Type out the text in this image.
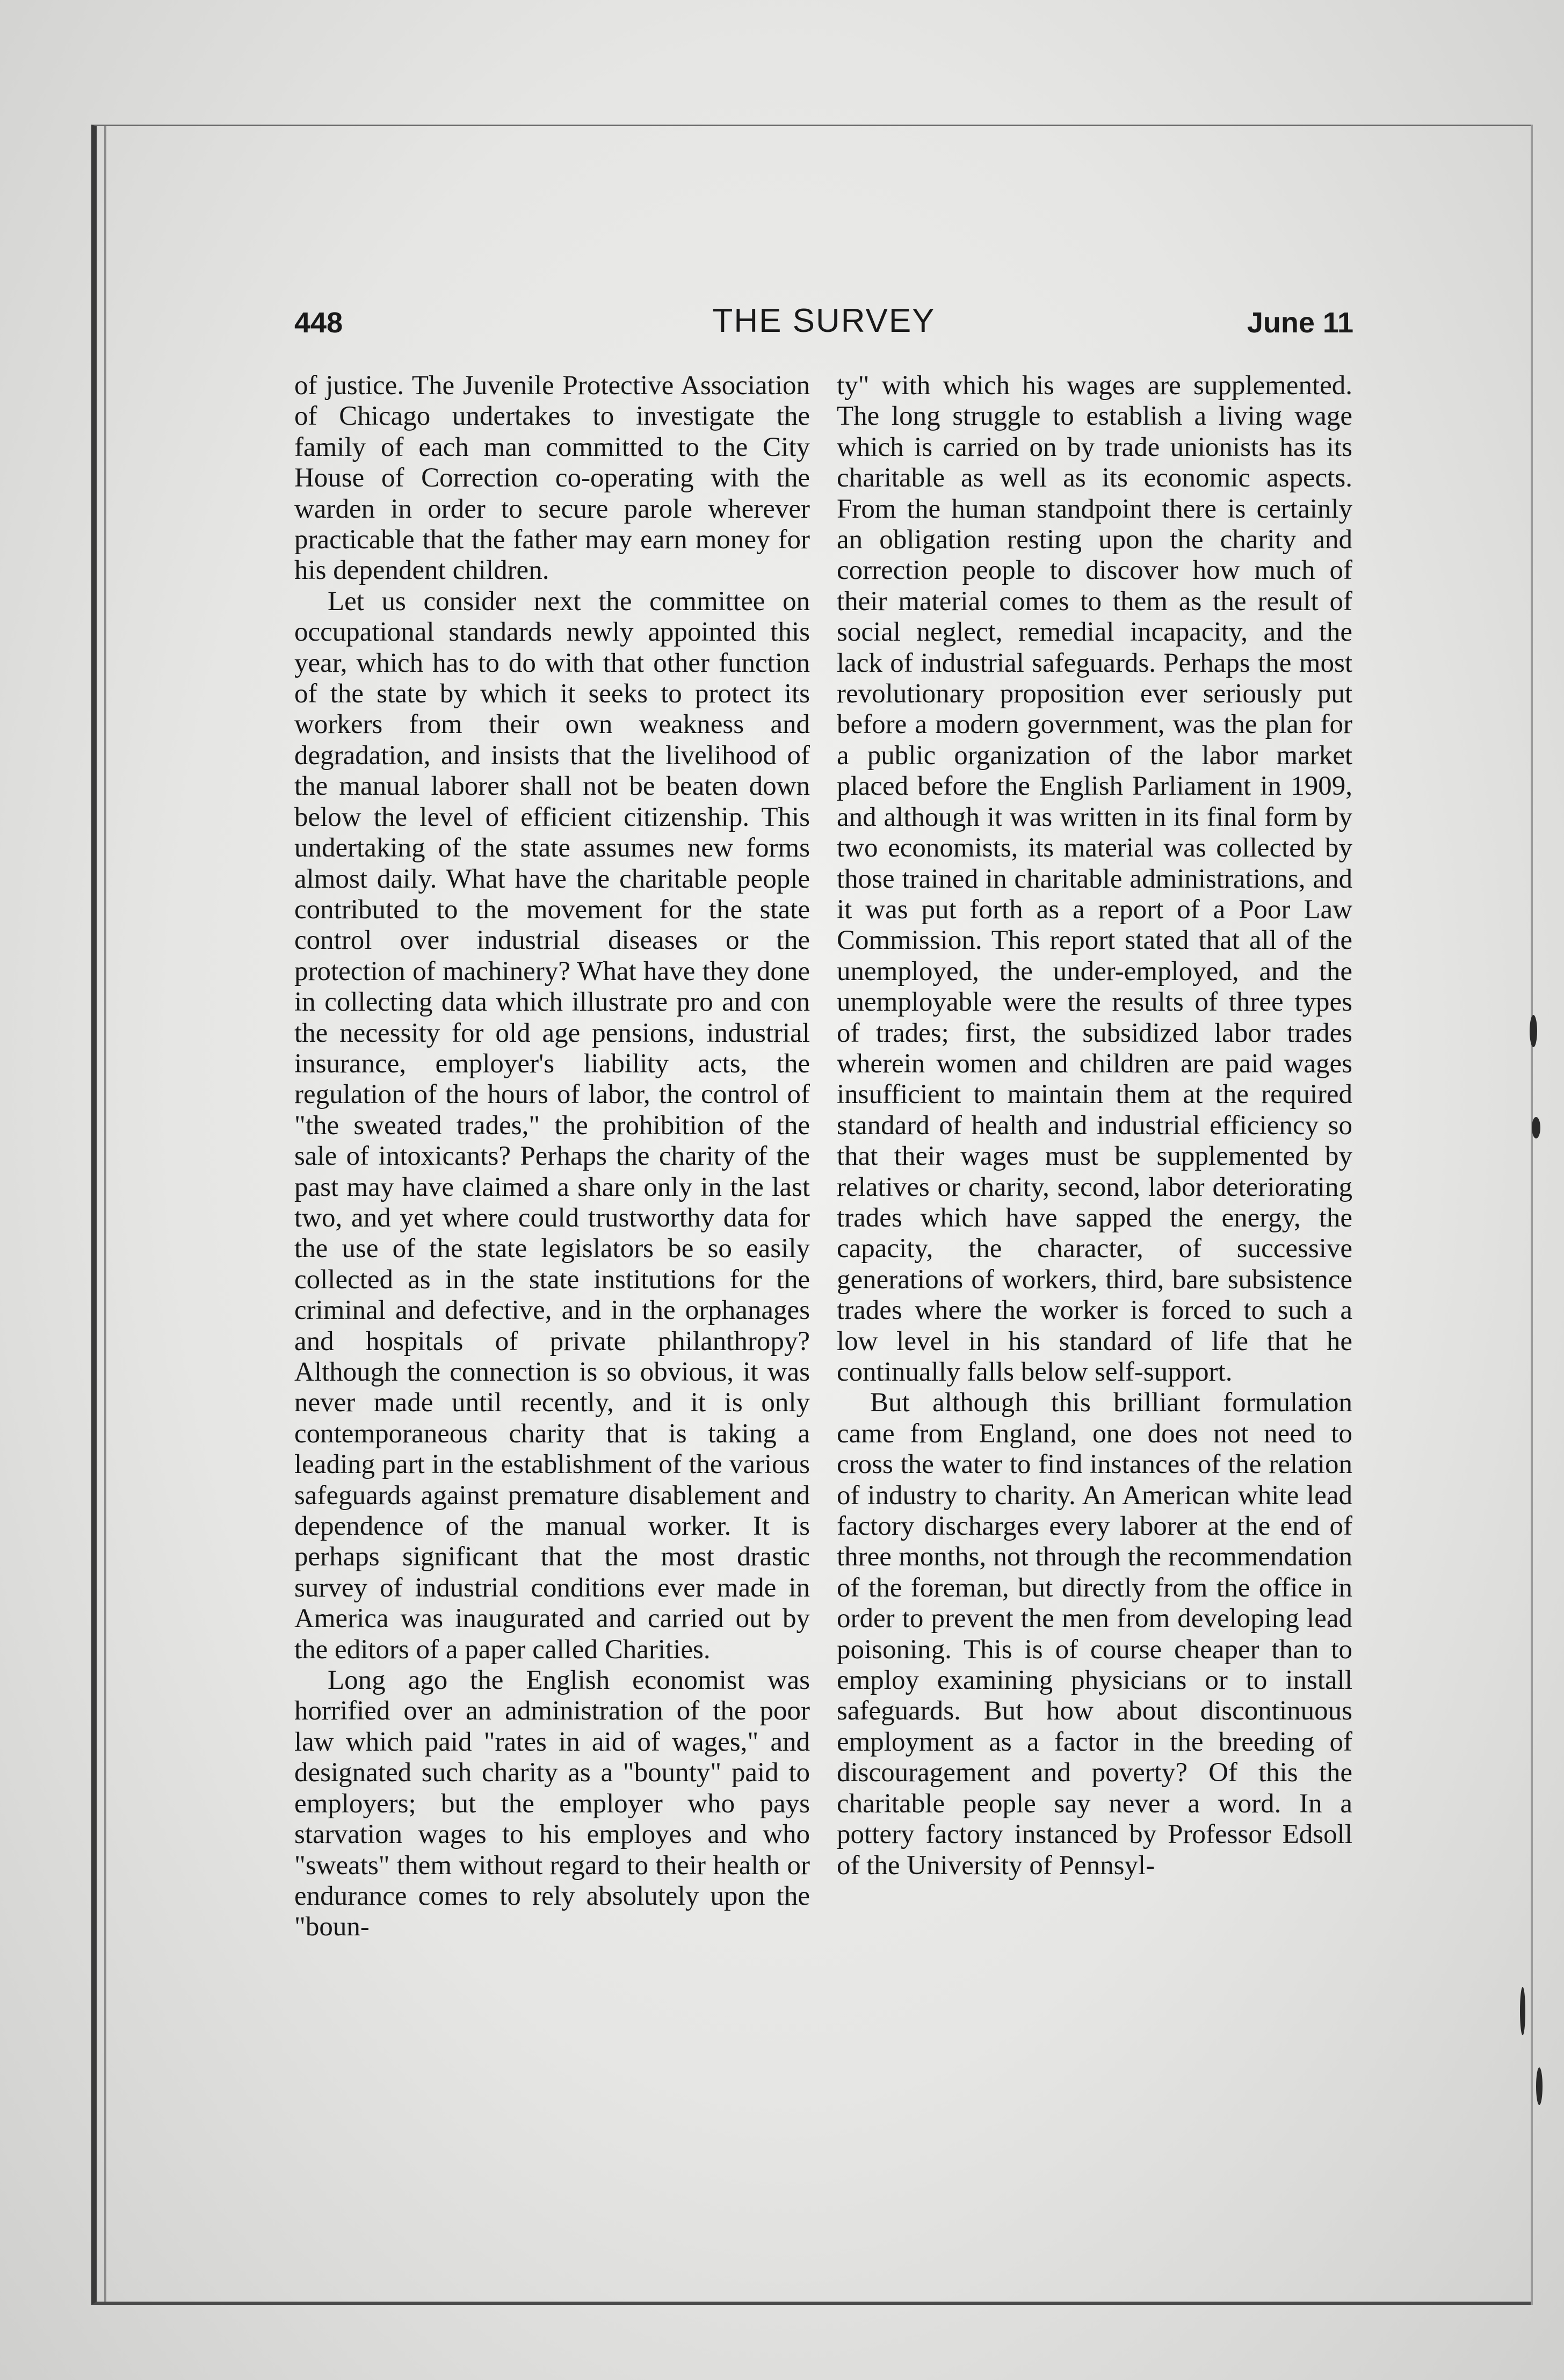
448	THE SURVEY	June 11

of justice. The Juvenile Protective Association of Chicago undertakes to investigate the family of each man committed to the City House of Correction co-operating with the warden in order to secure parole wherever practicable that the father may earn money for his dependent children.

Let us consider next the committee on occupational standards newly appointed this year, which has to do with that other function of the state by which it seeks to protect its workers from their own weakness and degradation, and insists that the livelihood of the manual laborer shall not be beaten down below the level of efficient citizenship. This undertaking of the state assumes new forms almost daily. What have the charitable people contributed to the movement for the state control over industrial diseases or the protection of machinery? What have they done in collecting data which illustrate pro and con the necessity for old age pensions, industrial insurance, employer's liability acts, the regulation of the hours of labor, the control of "the sweated trades," the prohibition of the sale of intoxicants? Perhaps the charity of the past may have claimed a share only in the last two, and yet where could trustworthy data for the use of the state legislators be so easily collected as in the state institutions for the criminal and defective, and in the orphanages and hospitals of private philanthropy? Although the connection is so obvious, it was never made until recently, and it is only contemporaneous charity that is taking a leading part in the establishment of the various safeguards against premature disablement and dependence of the manual worker. It is perhaps significant that the most drastic survey of industrial conditions ever made in America was inaugurated and carried out by the editors of a paper called Charities.

Long ago the English economist was horrified over an administration of the poor law which paid "rates in aid of wages," and designated such charity as a "bounty" paid to employers; but the employer who pays starvation wages to his employes and who "sweats" them without regard to their health or endurance comes to rely absolutely upon the "boun-

ty" with which his wages are supplemented. The long struggle to establish a living wage which is carried on by trade unionists has its charitable as well as its economic aspects. From the human standpoint there is certainly an obligation resting upon the charity and correction people to discover how much of their material comes to them as the result of social neglect, remedial incapacity, and the lack of industrial safeguards. Perhaps the most revolutionary proposition ever seriously put before a modern government, was the plan for a public organization of the labor market placed before the English Parliament in 1909, and although it was written in its final form by two economists, its material was collected by those trained in charitable administrations, and it was put forth as a report of a Poor Law Commission. This report stated that all of the unemployed, the under-employed, and the unemployable were the results of three types of trades; first, the subsidized labor trades wherein women and children are paid wages insufficient to maintain them at the required standard of health and industrial efficiency so that their wages must be supplemented by relatives or charity, second, labor deteriorating trades which have sapped the energy, the capacity, the character, of successive generations of workers, third, bare subsistence trades where the worker is forced to such a low level in his standard of life that he continually falls below self-support.

But although this brilliant formulation came from England, one does not need to cross the water to find instances of the relation of industry to charity. An American white lead factory discharges every laborer at the end of three months, not through the recommendation of the foreman, but directly from the office in order to prevent the men from developing lead poisoning. This is of course cheaper than to employ examining physicians or to install safeguards. But how about discontinuous employment as a factor in the breeding of discouragement and poverty? Of this the charitable people say never a word. In a pottery factory instanced by Professor Edsoll of the University of Pennsyl-
